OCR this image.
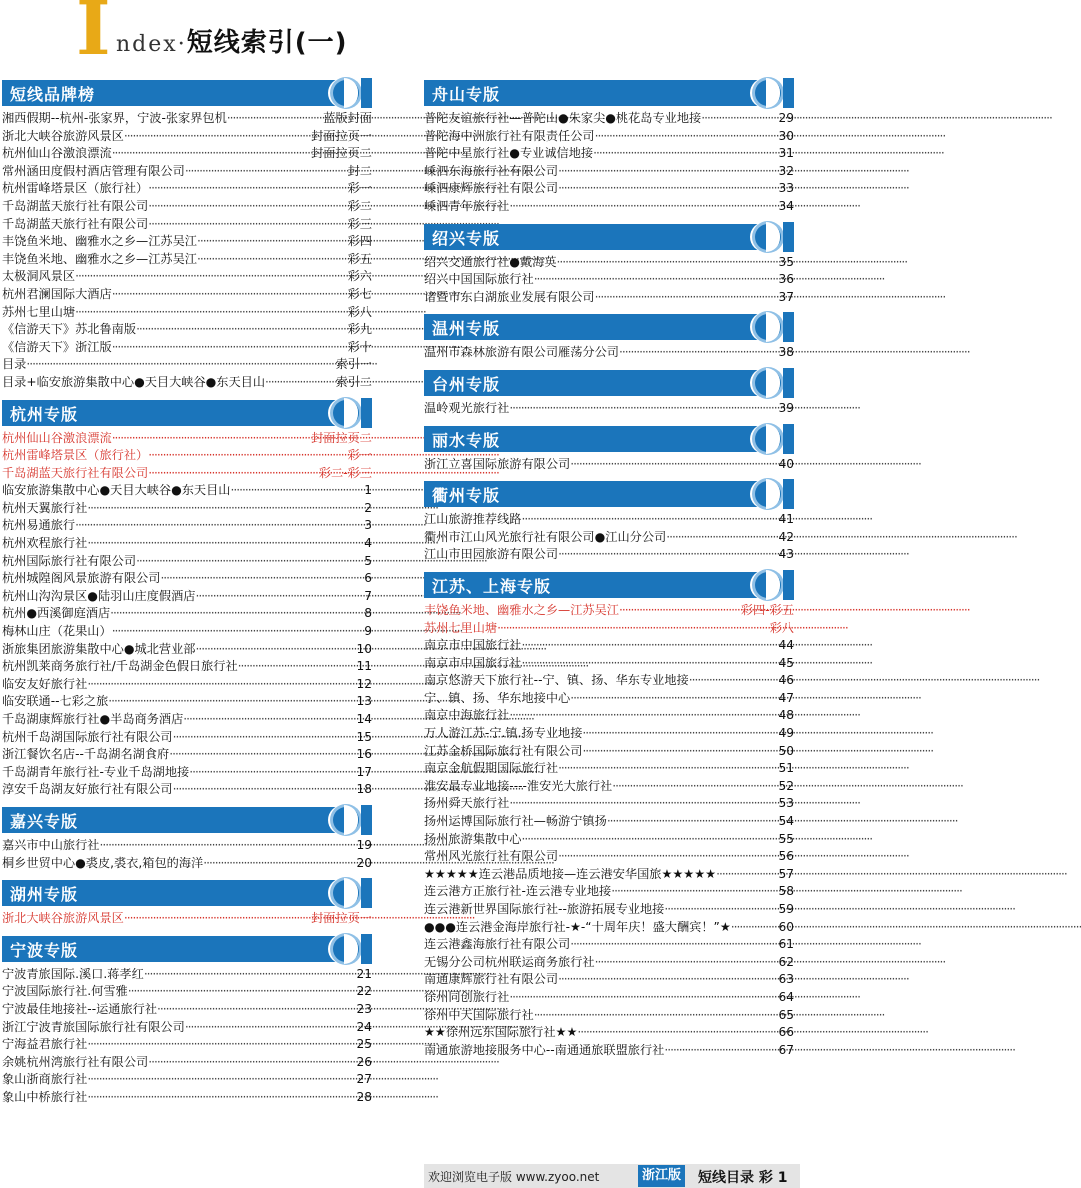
I ndex·短线索引(一)
短线品牌榜
湘西假期--杭州-张家界，宁波-张家界包机 ·····	蓝版封面
浙北大峡谷旅游风景区 ·····	封面拉页一
杭州仙山谷激浪漂流 ·····	封面拉页二
常州涵田度假村酒店管理有限公司 ·····	封二
杭州雷峰塔景区（旅行社） ·····	彩一
千岛湖蓝天旅行社有限公司 ·····	彩二
千岛湖蓝天旅行社有限公司 ·····	彩三
丰饶鱼米地、幽雅水之乡—江苏吴江 ·····	彩四
丰饶鱼米地、幽雅水之乡—江苏吴江 ·····	彩五
太极洞风景区 ·····	彩六
杭州君澜国际大酒店 ·····	彩七
苏州七里山塘 ·····	彩八
《信游天下》苏北鲁南版 ·····	彩九
《信游天下》浙江版 ·····	彩十
目录 ·····	索引一
目录+临安旅游集散中心●天目大峡谷●东天目山 ·····	索引二
杭州专版
杭州仙山谷激浪漂流 ·····	封面拉页二
杭州雷峰塔景区（旅行社） ·····	彩一
千岛湖蓝天旅行社有限公司 ·····	彩二-彩三
临安旅游集散中心●天目大峡谷●东天目山 ·····	1
杭州天翼旅行社 ·····	2
杭州易通旅行 ·····	3
杭州欢程旅行社 ·····	4
杭州国际旅行社有限公司 ·····	5
杭州城隍阁风景旅游有限公司 ·····	6
杭州山沟沟景区●陆羽山庄度假酒店 ·····	7
杭州●西溪御庭酒店 ·····	8
梅林山庄（花果山） ·····	9
浙旅集团旅游集散中心●城北营业部 ·····	10
杭州凯莱商务旅行社/千岛湖金色假日旅行社 ·····	11
临安友好旅行社 ·····	12
临安联通--七彩之旅 ·····	13
千岛湖康辉旅行社●半岛商务酒店 ·····	14
杭州千岛湖国际旅行社有限公司 ·····	15
浙江餐饮名店--千岛湖名湖食府 ·····	16
千岛湖青年旅行社-专业千岛湖地接 ·····	17
淳安千岛湖友好旅行社有限公司 ·····	18
嘉兴专版
嘉兴市中山旅行社 ·····	19
桐乡世贸中心●裘皮,裘衣,箱包的海洋 ·····	20
湖州专版
浙北大峡谷旅游风景区 ·····	封面拉页一
宁波专版
宁波青旅国际.溪口.蒋孝红 ·····	21
宁波国际旅行社.何雪雅 ·····	22
宁波最佳地接社--运通旅行社 ·····	23
浙江宁波青旅国际旅行社有限公司 ·····	24
宁海益君旅行社 ·····	25
余姚杭州湾旅行社有限公司 ·····	26
象山浙商旅行社 ·····	27
象山中桥旅行社 ·····	28
舟山专版
普陀友谊旅行社—普陀山●朱家尖●桃花岛专业地接 ·····	29
普陀海中洲旅行社有限责任公司 ·····	30
普陀中星旅行社●专业诚信地接 ·····	31
嵊泗东海旅行社有限公司 ·····	32
嵊泗康辉旅行社有限公司 ·····	33
嵊泗青年旅行社 ·····	34
绍兴专版
绍兴交通旅行社●戴海英 ·····	35
绍兴中国国际旅行社 ·····	36
诸暨市东白湖旅业发展有限公司 ·····	37
温州专版
温州市森林旅游有限公司雁荡分公司 ·····	38
台州专版
温岭观光旅行社 ·····	39
丽水专版
浙江立喜国际旅游有限公司 ·····	40
衢州专版
江山旅游推荐线路 ·····	41
衢州市江山风光旅行社有限公司●江山分公司 ·····	42
江山市田园旅游有限公司 ·····	43
江苏、上海专版
丰饶鱼米地、幽雅水之乡—江苏吴江 ·····	彩四-彩五
苏州七里山塘 ·····	彩八
南京市中国旅行社 ·····	44
南京市中国旅行社 ·····	45
南京悠游天下旅行社--宁、镇、扬、华东专业地接 ·····	46
宁、镇、扬、华东地接中心 ·····	47
南京中海旅行社 ·····	48
万人游江苏-宁.镇.扬专业地接 ·····	49
江苏金桥国际旅行社有限公司 ·····	50
南京金航假期国际旅行社 ·····	51
淮安最专业地接----淮安光大旅行社 ·····	52
扬州舜天旅行社 ·····	53
扬州运博国际旅行社—畅游宁镇扬 ·····	54
扬州旅游集散中心 ·····	55
常州风光旅行社有限公司 ·····	56
★★★★★连云港品质地接—连云港安华国旅★★★★★ ·····	57
连云港方正旅行社-连云港专业地接 ·····	58
连云港新世界国际旅行社--旅游拓展专业地接 ·····	59
●●●连云港金海岸旅行社-★-“十周年庆！盛大酬宾！”★ ·····	60
连云港鑫海旅行社有限公司 ·····	61
无锡分公司杭州联运商务旅行社 ·····	62
南通康辉旅行社有限公司 ·····	63
徐州同创旅行社 ·····	64
徐州中天国际旅行社 ·····	65
★★徐州远东国际旅行社★★ ·····	66
南通旅游地接服务中心--南通通旅联盟旅行社 ·····	67
欢迎浏览电子版 www.zyoo.net	浙江版 短线目录 彩 1
